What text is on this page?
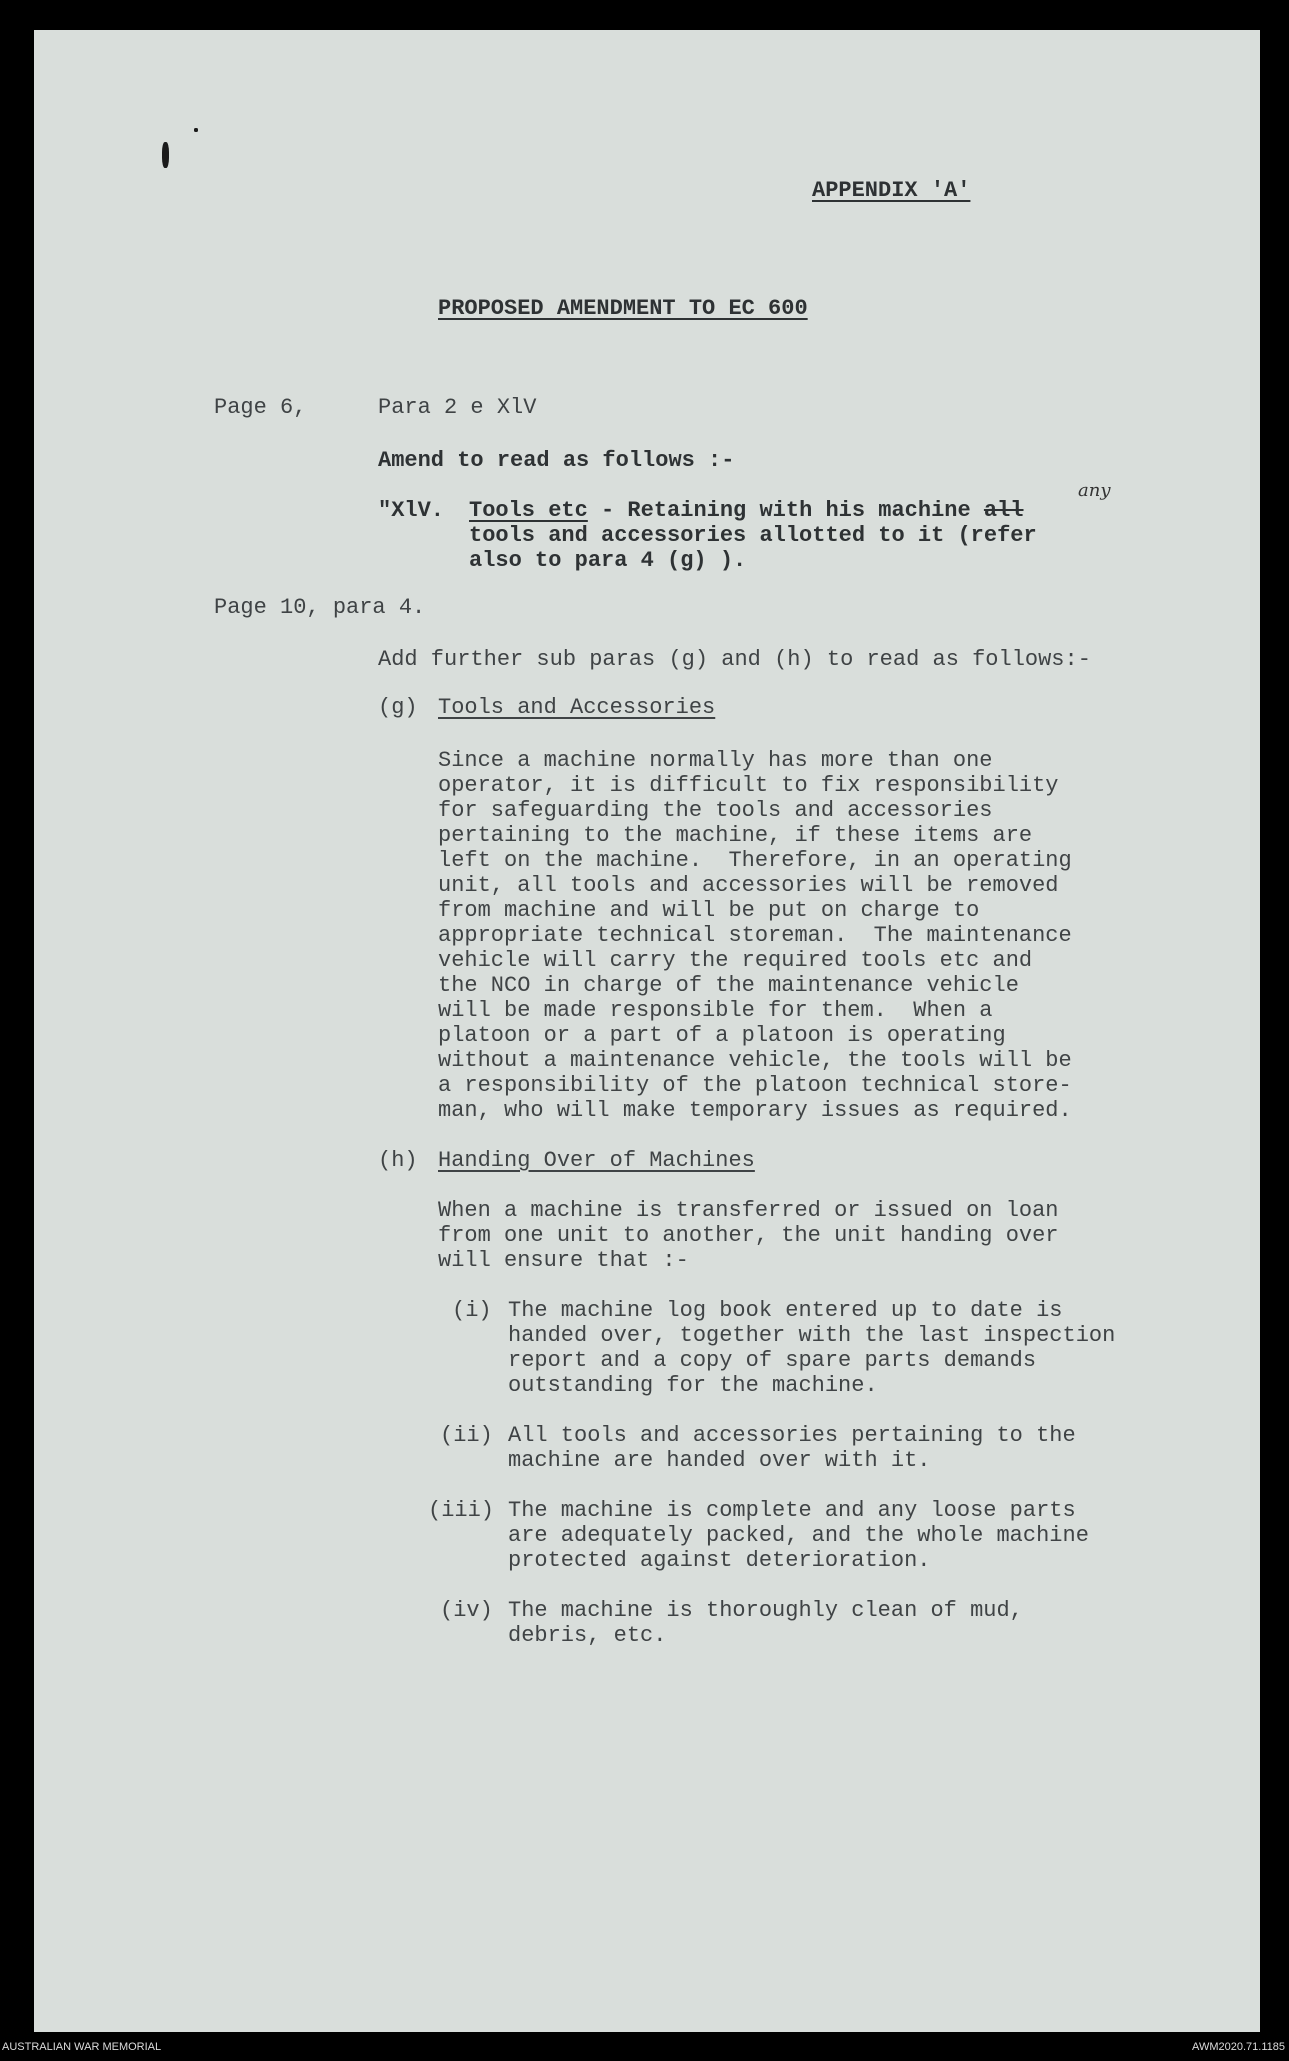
APPENDIX 'A'
PROPOSED AMENDMENT TO EC 600
Page 6,	Para 2 e XlV
Amend to read as follows :-
"XlV. Tools etc - Retaining with his machine all
any
tools and accessories allotted to it (refer
also to para 4 (g) ).
Page 10, para 4.
Add further sub paras (g) and (h) to read as follows:-
(g) Tools and Accessories
Since a machine normally has more than one
operator, it is difficult to fix responsibility
for safeguarding the tools and accessories
pertaining to the machine, if these items are
left on the machine.  Therefore, in an operating
unit, all tools and accessories will be removed
from machine and will be put on charge to
appropriate technical storeman.  The maintenance
vehicle will carry the required tools etc and
the NCO in charge of the maintenance vehicle
will be made responsible for them.  When a
platoon or a part of a platoon is operating
without a maintenance vehicle, the tools will be
a responsibility of the platoon technical store-
man, who will make temporary issues as required.
(h) Handing Over of Machines
When a machine is transferred or issued on loan
from one unit to another, the unit handing over
will ensure that :-
(i) The machine log book entered up to date is
handed over, together with the last inspection
report and a copy of spare parts demands
outstanding for the machine.
(ii) All tools and accessories pertaining to the
machine are handed over with it.
(iii) The machine is complete and any loose parts
are adequately packed, and the whole machine
protected against deterioration.
(iv) The machine is thoroughly clean of mud,
debris, etc.
AUSTRALIAN WAR MEMORIAL	AWM2020.71.1185
